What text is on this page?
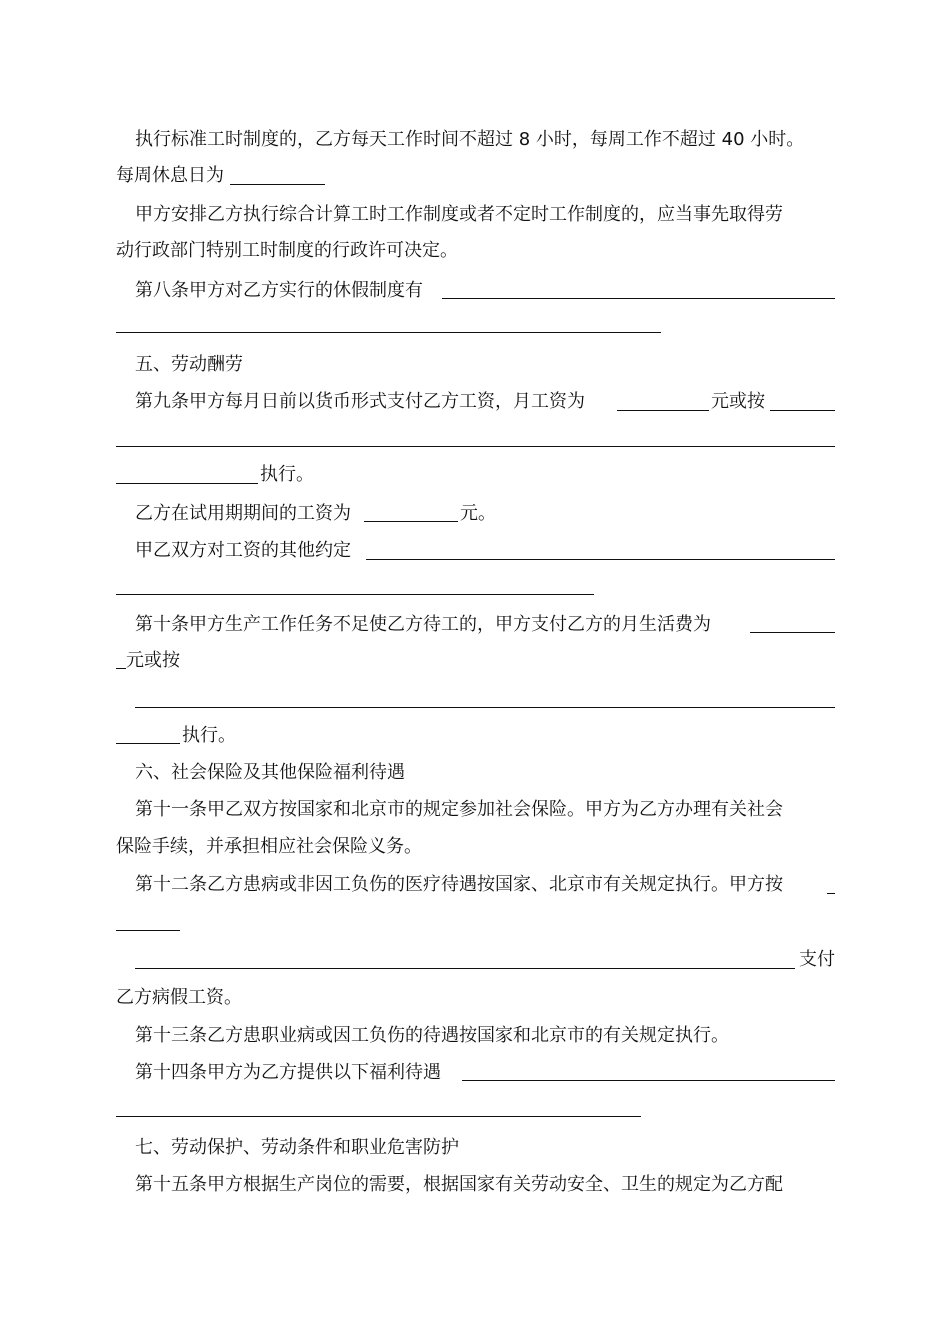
执行标准工时制度的，乙方每天工作时间不超过 8 小时，每周工作不超过 40 小时。
每周休息日为
甲方安排乙方执行综合计算工时工作制度或者不定时工作制度的，应当事先取得劳
动行政部门特别工时制度的行政许可决定。
第八条甲方对乙方实行的休假制度有
五、劳动酬劳
第九条甲方每月日前以货币形式支付乙方工资，月工资为	元或按
执行。
乙方在试用期期间的工资为	元。
甲乙双方对工资的其他约定
第十条甲方生产工作任务不足使乙方待工的，甲方支付乙方的月生活费为
元或按
执行。
六、社会保险及其他保险福利待遇
第十一条甲乙双方按国家和北京市的规定参加社会保险。甲方为乙方办理有关社会
保险手续，并承担相应社会保险义务。
第十二条乙方患病或非因工负伤的医疗待遇按国家、北京市有关规定执行。甲方按
支付
乙方病假工资。
第十三条乙方患职业病或因工负伤的待遇按国家和北京市的有关规定执行。
第十四条甲方为乙方提供以下福利待遇
七、劳动保护、劳动条件和职业危害防护
第十五条甲方根据生产岗位的需要，根据国家有关劳动安全、卫生的规定为乙方配
